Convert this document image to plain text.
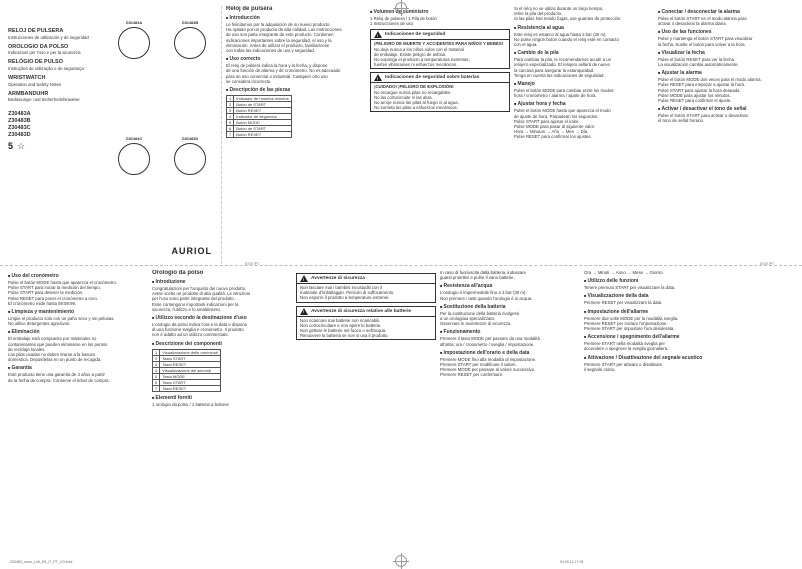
RELOJ DE PULSERA

Instrucciones de utilización y de seguridad

OROLOGIO DA POLSO

Indicazioni per l'uso e per la sicurezza

RELÓGIO DE PULSO

Instruções de utilização e de segurança

WRISTWATCH

Operation and Safety Notes

ARMBANDUHR

Bedienungs- und Sicherheitshinweise

Z30483A
Z30483B
Z30483C
Z30483D
5 ☆
Z30483A	Z30483B
Z30483C	Z30483D
AURIOL

Reloj de pulsera

■ Introducción

Le felicitamos por la adquisición de su nuevo producto.

Ha optado por un producto de alta calidad. Las instrucciones

de uso son parte integrante de este producto. Contienen

indicaciones importantes sobre la seguridad, el uso y la

eliminación. Antes de utilizar el producto, familiarícese

con todas las indicaciones de uso y seguridad.

■ Uso correcto

El reloj de pulsera indica la hora y la fecha, y dispone

de una función de alarma y de cronómetro. No es adecuado

para un uso comercial o industrial. Cualquier otro uso

se considera incorrecto.

■ Descripción de las piezas

1	Indicador de hora/los minutos
2	Botón de START
3	Botón RESET
4	Indicador de segundos
5	Botón MODE
6	Botón de START
7	Botón RESET

■ Volumen de suministro

1 Reloj de pulsera / 1 Pila de botón

1 Instrucciones de uso

!
Indicaciones de seguridad

¡PELIGRO DE MUERTE Y ACCIDENTES PARA NIÑOS Y BEBÉS!

No deje nunca a los niños solos con el material

de embalaje. Existe peligro de asfixia.

No exponga el producto a temperaturas extremas,

fuertes vibraciones ni esfuerzos mecánicos.

!
Indicaciones de seguridad sobre baterías

¡CUIDADO! ¡PELIGRO DE EXPLOSIÓN!

No recargue nunca pilas no recargables.

No las cortocircuite ni las abra.

No arroje nunca las pilas al fuego ni al agua.

No someta las pilas a esfuerzos mecánicos.

Si el reloj no se utiliza durante un largo tiempo,

retire la pila del producto.

Si las pilas han tenido fugas, use guantes de protección.

■ Resistencia al agua

Este reloj es estanco al agua hasta 3 bar (30 m).

No pulse ningún botón cuando el reloj esté en contacto

con el agua.

■ Cambio de la pila

Para cambiar la pila, le recomendamos acudir a un

relojero especializado. El relojero sellará de nuevo

la carcasa para asegurar la estanqueidad.

Tenga en cuenta las indicaciones de seguridad.

■ Manejo

Pulse el botón MODE para cambiar entre los modos:

hora / cronómetro / alarma / ajuste de hora.

■ Ajustar hora y fecha

Pulse el botón MODE hasta que aparezca el modo

de ajuste de hora. Parpadean los segundos.

Pulse START para ajustar el valor.

Pulse MODE para pasar al siguiente valor.

Hora → Minutos → Año → Mes → Día.

Pulse RESET para confirmar los ajustes.

■ Conectar / desconectar la alarma

Pulse el botón START en el modo alarma para

activar o desactivar la alarma diaria.

■ Uso de las funciones

Pulse y mantenga el botón START para visualizar

la fecha. Suelte el botón para volver a la hora.

■ Visualizar la fecha

Pulse el botón RESET para ver la fecha.

La visualización cambia automáticamente.

■ Ajustar la alarma

Pulse el botón MODE dos veces para el modo alarma.

Pulse RESET para empezar a ajustar la hora.

Pulse START para ajustar la hora deseada.

Pulse MODE para ajustar los minutos.

Pulse RESET para confirmar el ajuste.

■ Activar / desactivar el tono de señal

Pulse el botón START para activar o desactivar

el tono de señal horario.

■ Uso del cronómetro

Pulse el botón MODE hasta que aparezca el cronómetro.

Pulse START para iniciar la medición del tiempo.

Pulse START para detener la medición.

Pulse RESET para poner el cronómetro a cero.

El cronómetro mide hasta 59:59:99.

■ Limpieza y mantenimiento

Limpie el producto solo con un paño seco y sin pelusas.

No utilice detergentes agresivos.

■ Eliminación

El embalaje está compuesto por materiales no

contaminantes que pueden eliminarse en los puntos

de reciclaje locales.

Las pilas usadas no deben tirarse a la basura

doméstica. Deposítelas en un punto de recogida.

■ Garantía

Este producto tiene una garantía de 3 años a partir

de la fecha de compra. Conserve el ticket de compra.

Orologio da polso

■ Introduzione

Congratulazioni per l'acquisto del nuovo prodotto.

Avete scelto un prodotto di alta qualità. Le istruzioni

per l'uso sono parte integrante del prodotto.

Esse contengono importanti indicazioni per la

sicurezza, l'utilizzo e lo smaltimento.

■ Utilizzo secondo la destinazione d'uso

L'orologio da polso indica l'ora e la data e dispone

di una funzione sveglia e cronometro. Il prodotto

non è adatto ad un utilizzo commerciale.

■ Descrizione dei componenti

1	Visualizzazione delle ore/minuti
2	Tasto START
3	Tasto RESET
4	Visualizzazione dei secondi
5	Tasto MODE
6	Tasto START
7	Tasto RESET

■ Elementi forniti

1 orologio da polso / 1 batteria a bottone

!
Avvertenze di sicurezza

Non lasciare mai i bambini incustoditi con il

materiale d'imballaggio. Pericolo di soffocamento.

Non esporre il prodotto a temperature estreme.

!
Avvertenze di sicurezza relative alle batterie

Non ricaricare mai batterie non ricaricabili.

Non cortocircuitare e non aprire le batterie.

Non gettare le batterie nel fuoco o nell'acqua.

Rimuovere la batteria se non si usa il prodotto.

In caso di fuoriuscita dalla batteria, indossare

guanti protettivi e pulire il vano batterie.

■ Resistenza all'acqua

L'orologio è impermeabile fino a 3 bar (30 m).

Non premere i tasti quando l'orologio è in acqua.

■ Sostituzione della batteria

Per la sostituzione della batteria rivolgersi

a un orologiaio specializzato.

Osservare le avvertenze di sicurezza.

■ Funzionamento

Premere il tasto MODE per passare da una modalità

all'altra: ora / cronometro / sveglia / impostazione.

■ Impostazione dell'orario e della data

Premere MODE fino alla modalità di impostazione.

Premere START per modificare il valore.

Premere MODE per passare al valore successivo.

Premere RESET per confermare.

Ora → Minuti → Anno → Mese → Giorno.

■ Utilizzo delle funzioni

Tenere premuto START per visualizzare la data.

■ Visualizzazione della data

Premere RESET per visualizzare la data.

■ Impostazione dell'allarme

Premere due volte MODE per la modalità sveglia.

Premere RESET per iniziare l'impostazione.

Premere START per impostare l'ora desiderata.

■ Accensione / spegnimento dell'allarme

Premere START nella modalità sveglia per

accendere o spegnere la sveglia giornaliera.

■ Attivazione / Disattivazione del segnale acustico

Premere START per attivare o disattivare

il segnale orario.

Z30483_cover_Lidl_ES_IT_PT_CS.indd	04.09.12 17:05
ES/IT/PT	ES/IT/PT
